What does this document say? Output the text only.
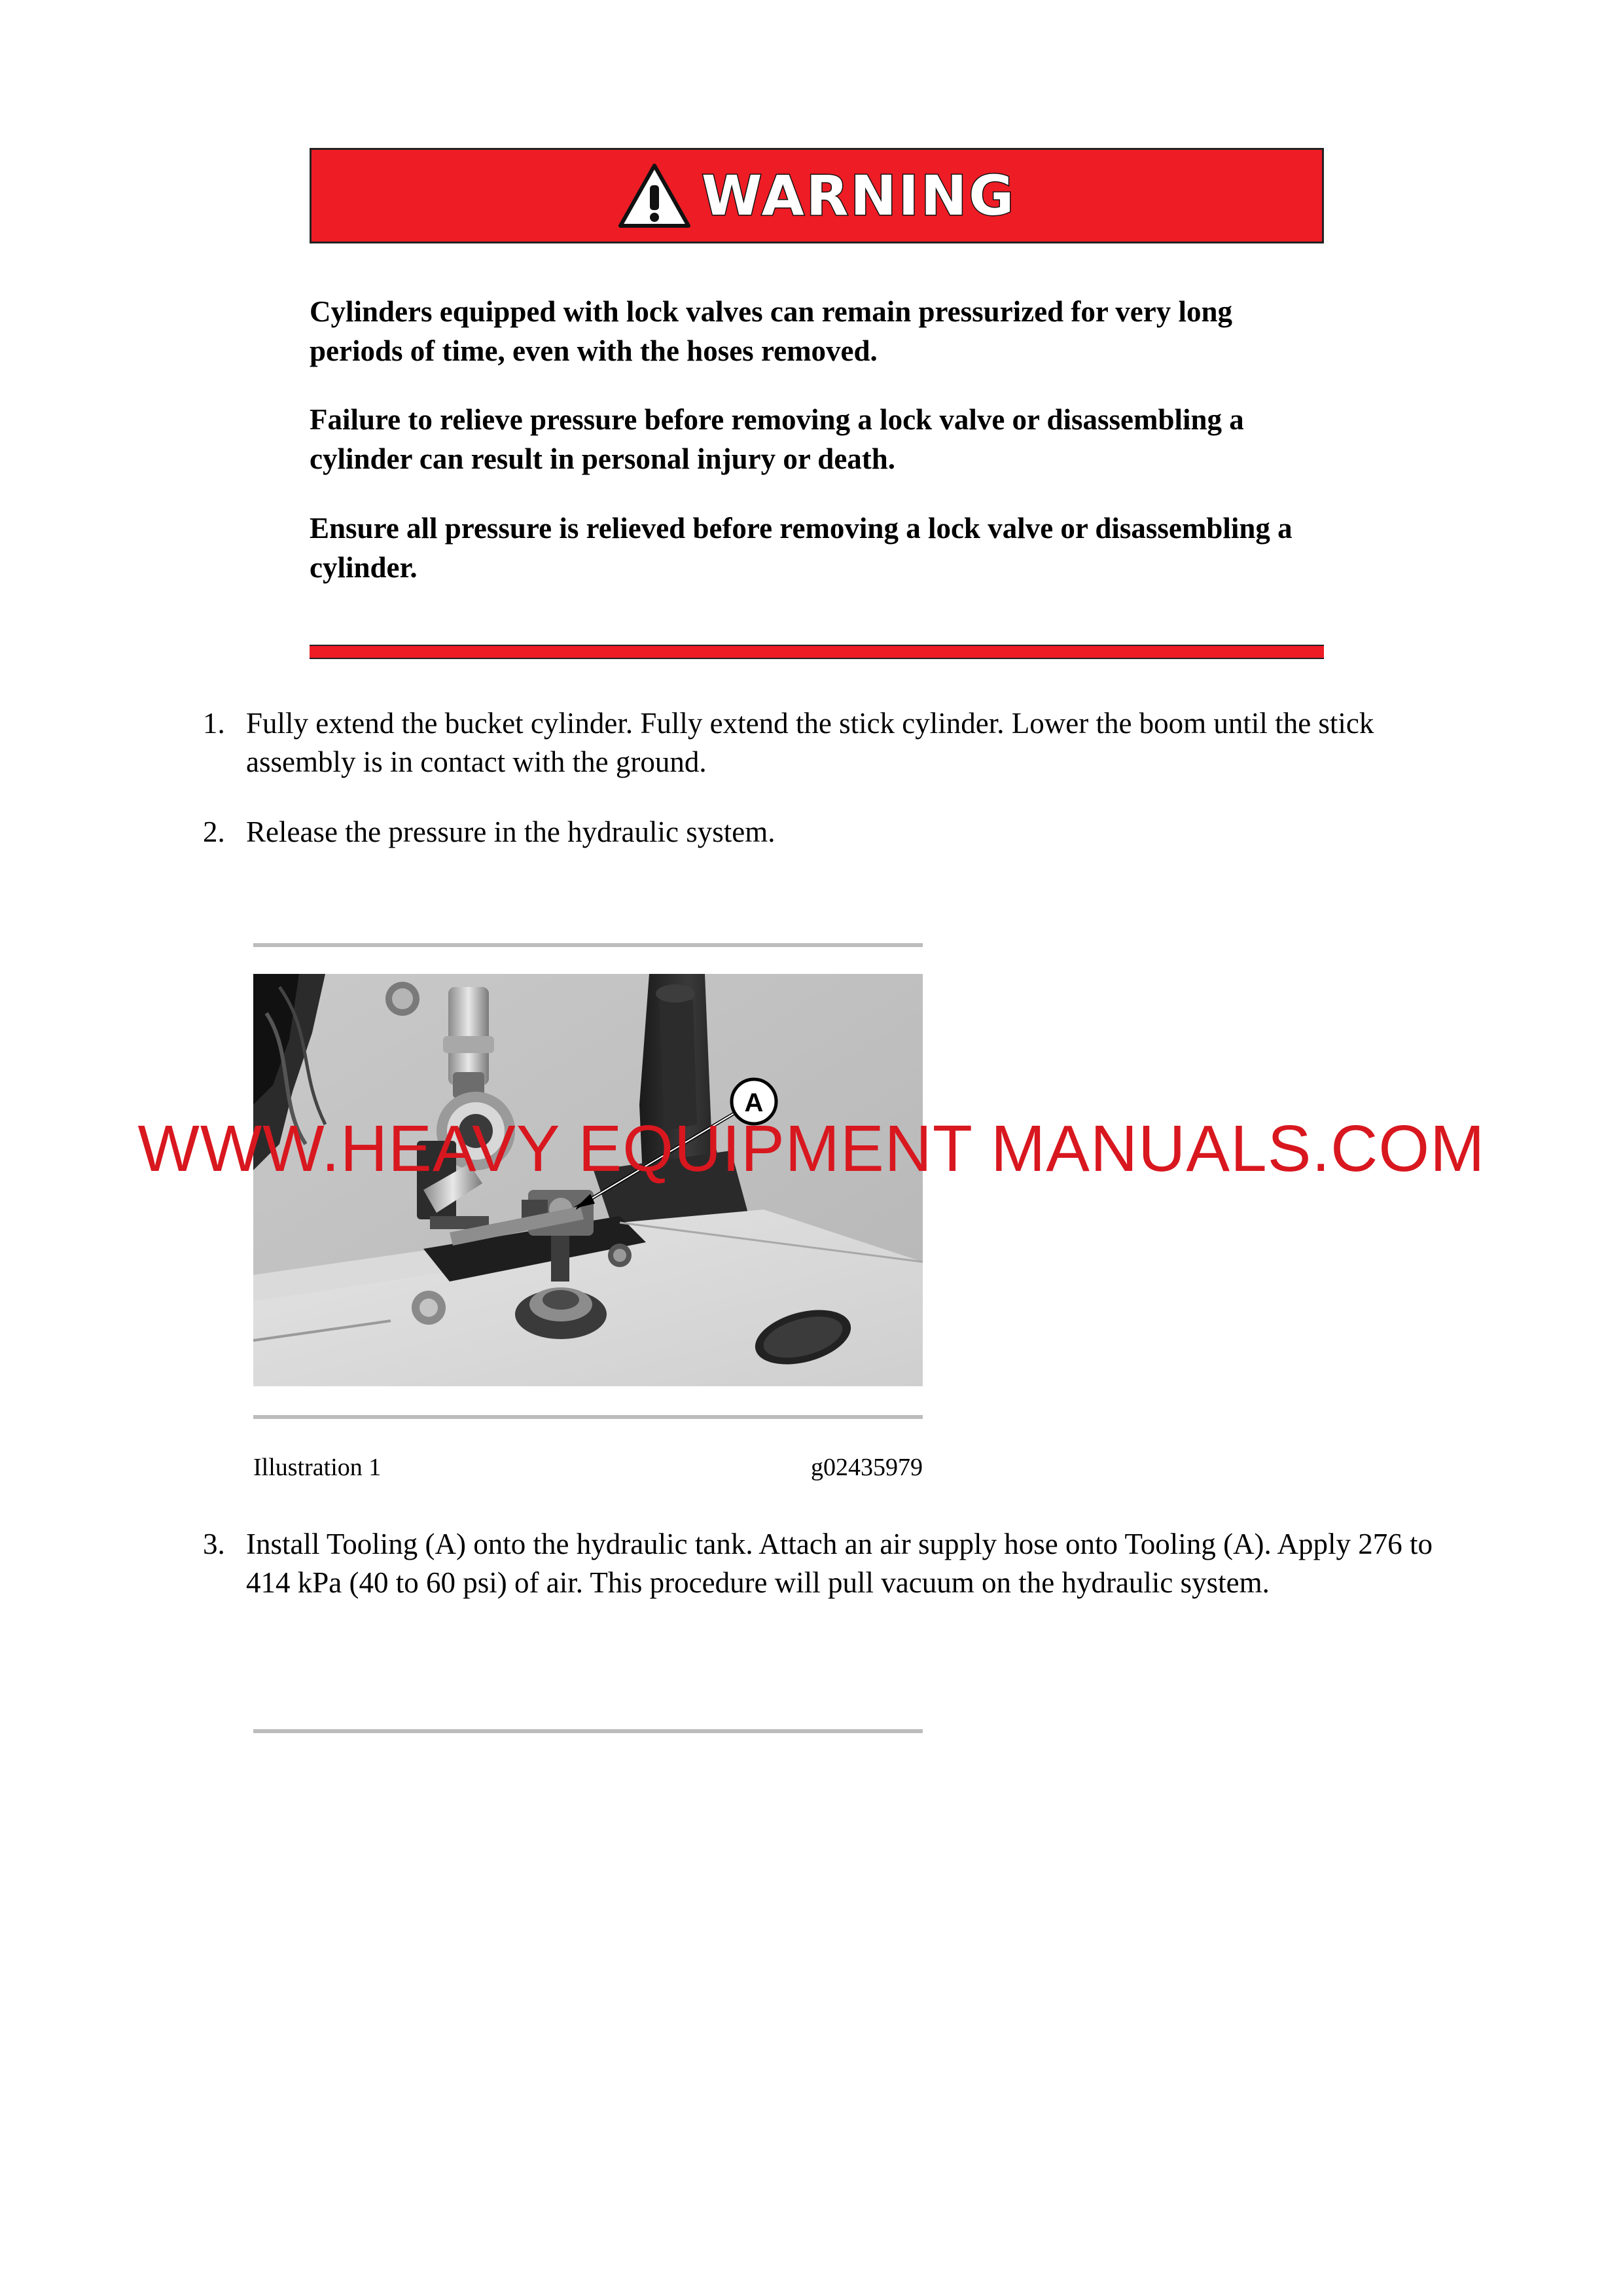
WARNING

Cylinders equipped with lock valves can remain pressurized for very long periods of time, even with the hoses removed.

Failure to relieve pressure before removing a lock valve or disassembling a cylinder can result in personal injury or death.

Ensure all pressure is relieved before removing a lock valve or disassembling a cylinder.

1. Fully extend the bucket cylinder. Fully extend the stick cylinder. Lower the boom until the stick assembly is in contact with the ground.
2. Release the pressure in the hydraulic system.
A
WWW.HEAVY EQUIPMENT MANUALS.COM
Illustration 1	g02435979
3. Install Tooling (A) onto the hydraulic tank. Attach an air supply hose onto Tooling (A). Apply 276 to 414 kPa (40 to 60 psi) of air. This procedure will pull vacuum on the hydraulic system.
